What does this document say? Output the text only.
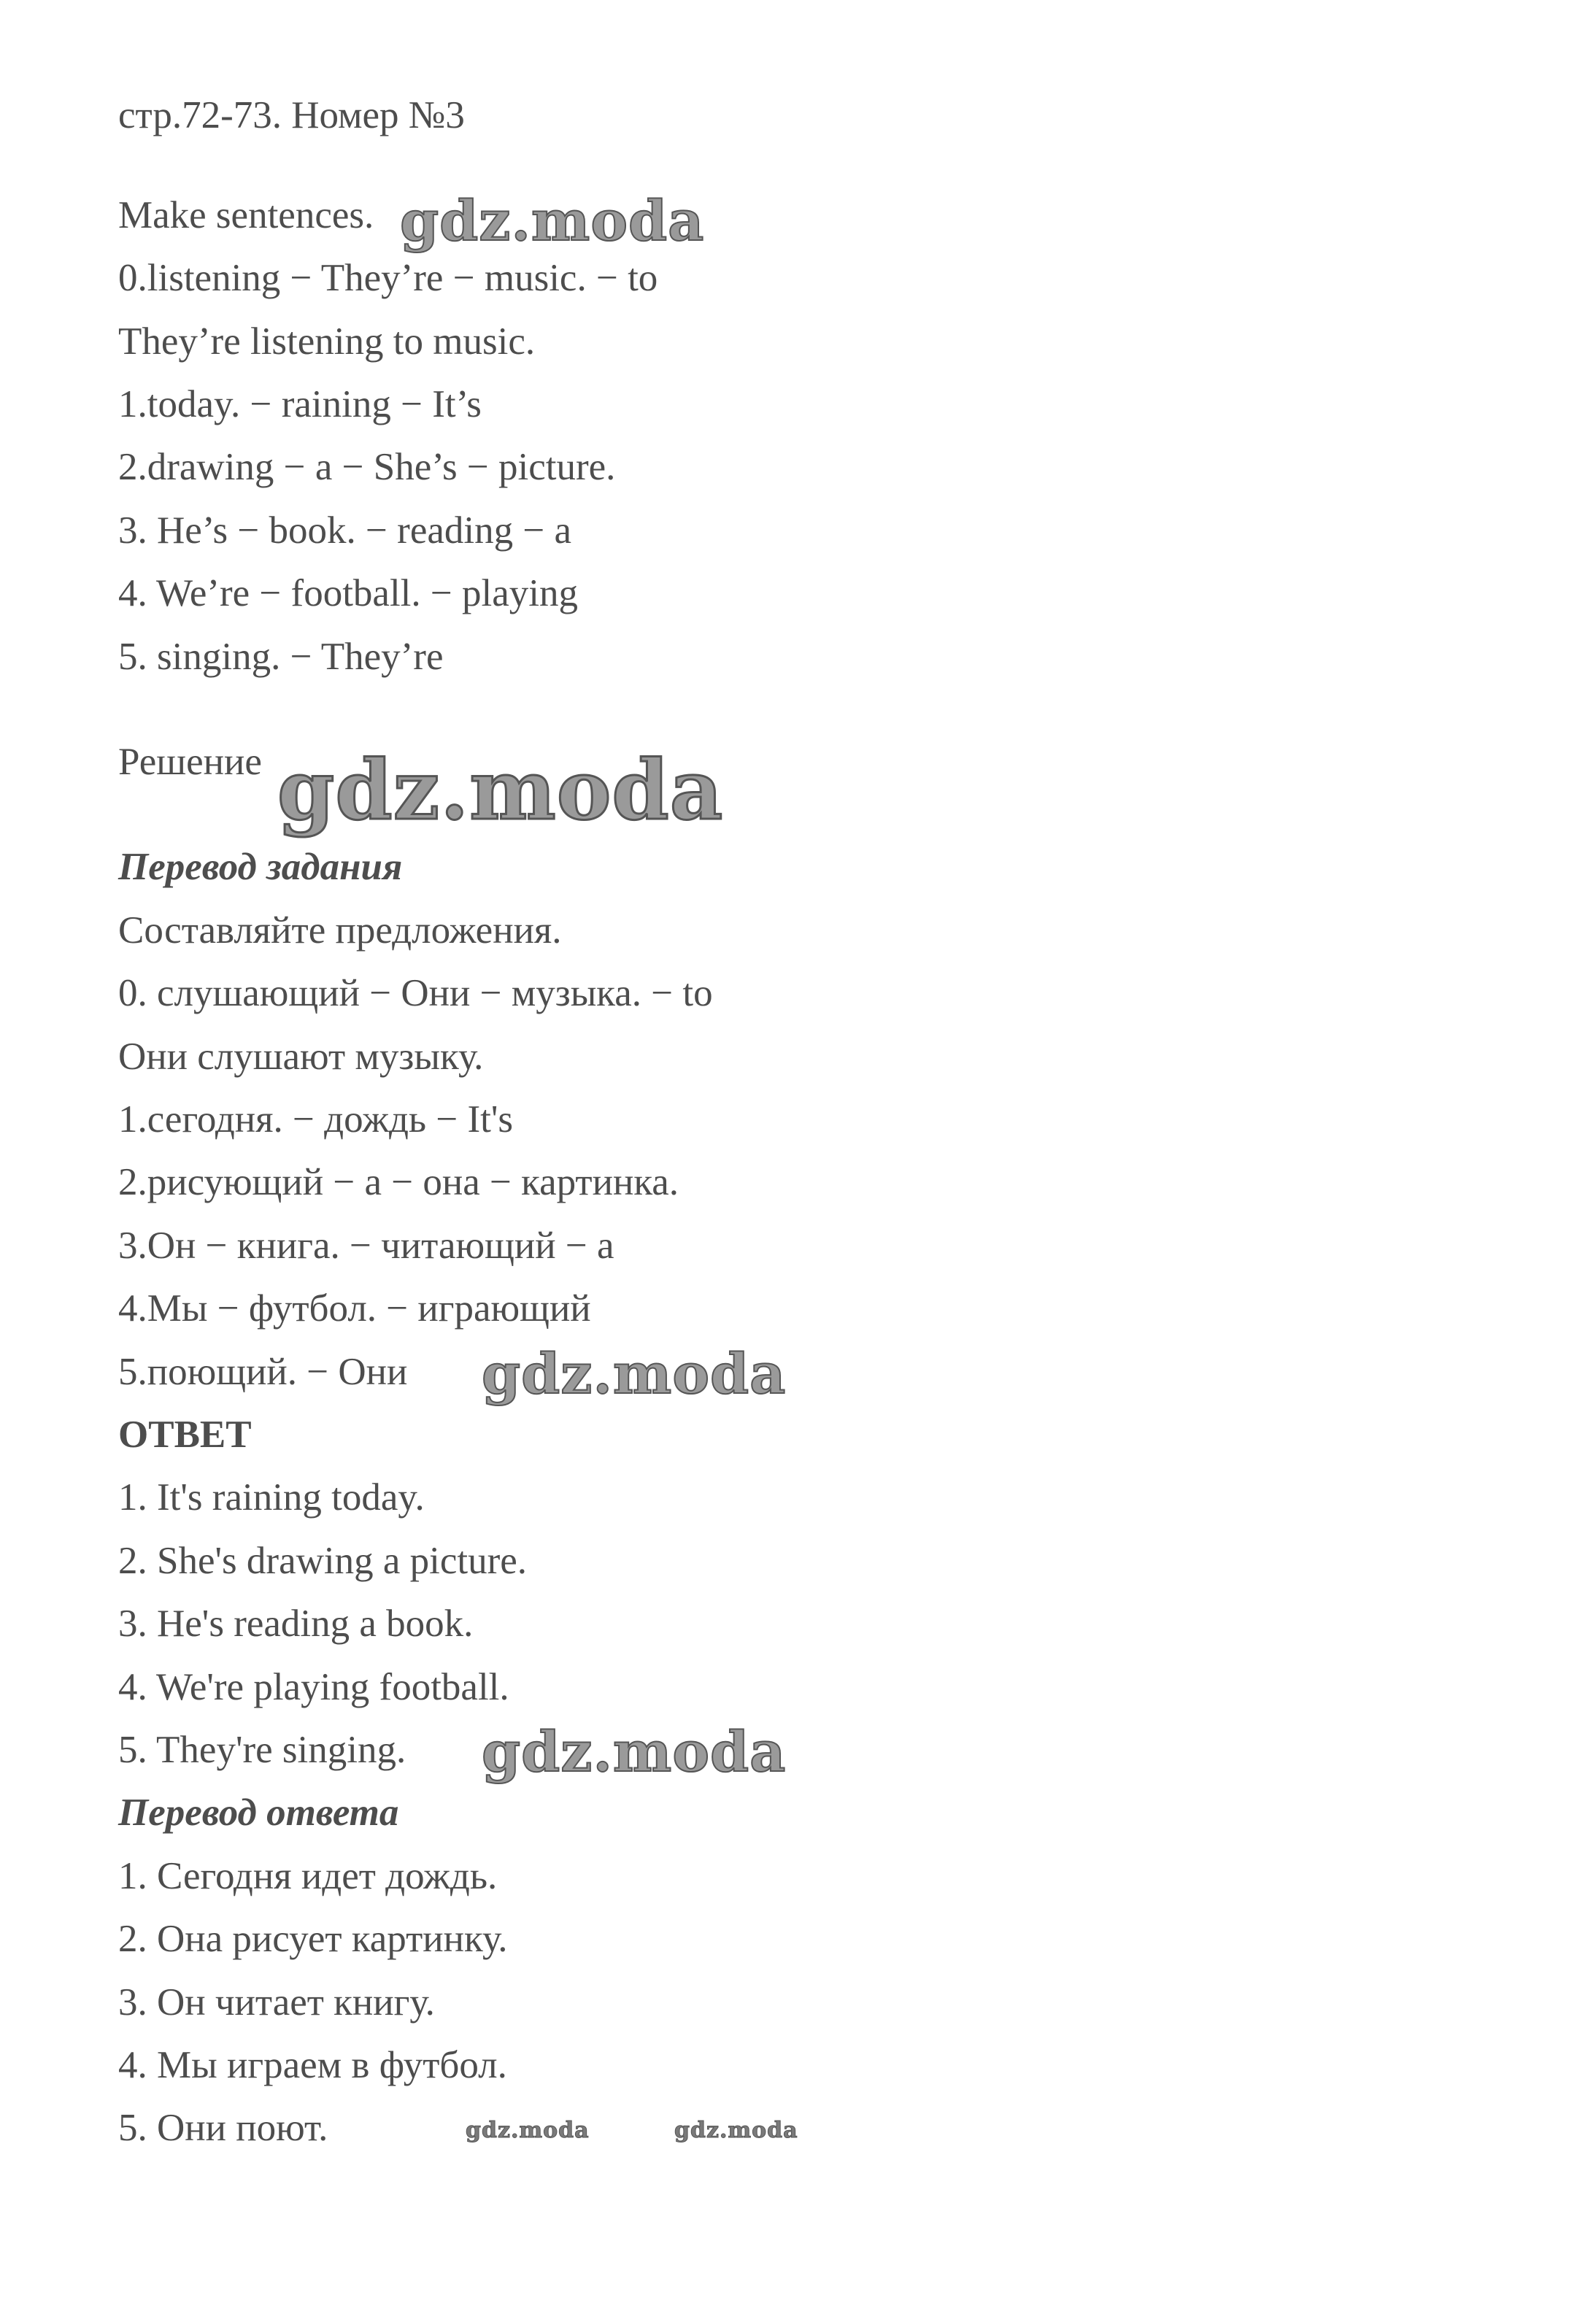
стр.72-73. Номер №3
Make sentences.
0.listening − They’re − music. − to
They’re listening to music.
1.today. − raining − It’s
2.drawing − a − She’s − picture.
3. He’s − book. − reading − a
4. We’re − football. − playing
5. singing. − They’re
Решение
Перевод задания
Составляйте предложения.
0. слушающий − Они − музыка. − to
Они слушают музыку.
1.сегодня. − дождь − It's
2.рисующий − a − она − картинка.
3.Он − книга. − читающий − a
4.Мы − футбол. − играющий
5.поющий. − Они
ОТВЕТ
1. It's raining today.
2. She's drawing a picture.
3. He's reading a book.
4. We're playing football.
5. They're singing.
Перевод ответа
1. Сегодня идет дождь.
2. Она рисует картинку.
3. Он читает книгу.
4. Мы играем в футбол.
5. Они поют.
gdz.moda
gdz.moda
gdz.moda
gdz.moda
gdz.moda	gdz.moda
